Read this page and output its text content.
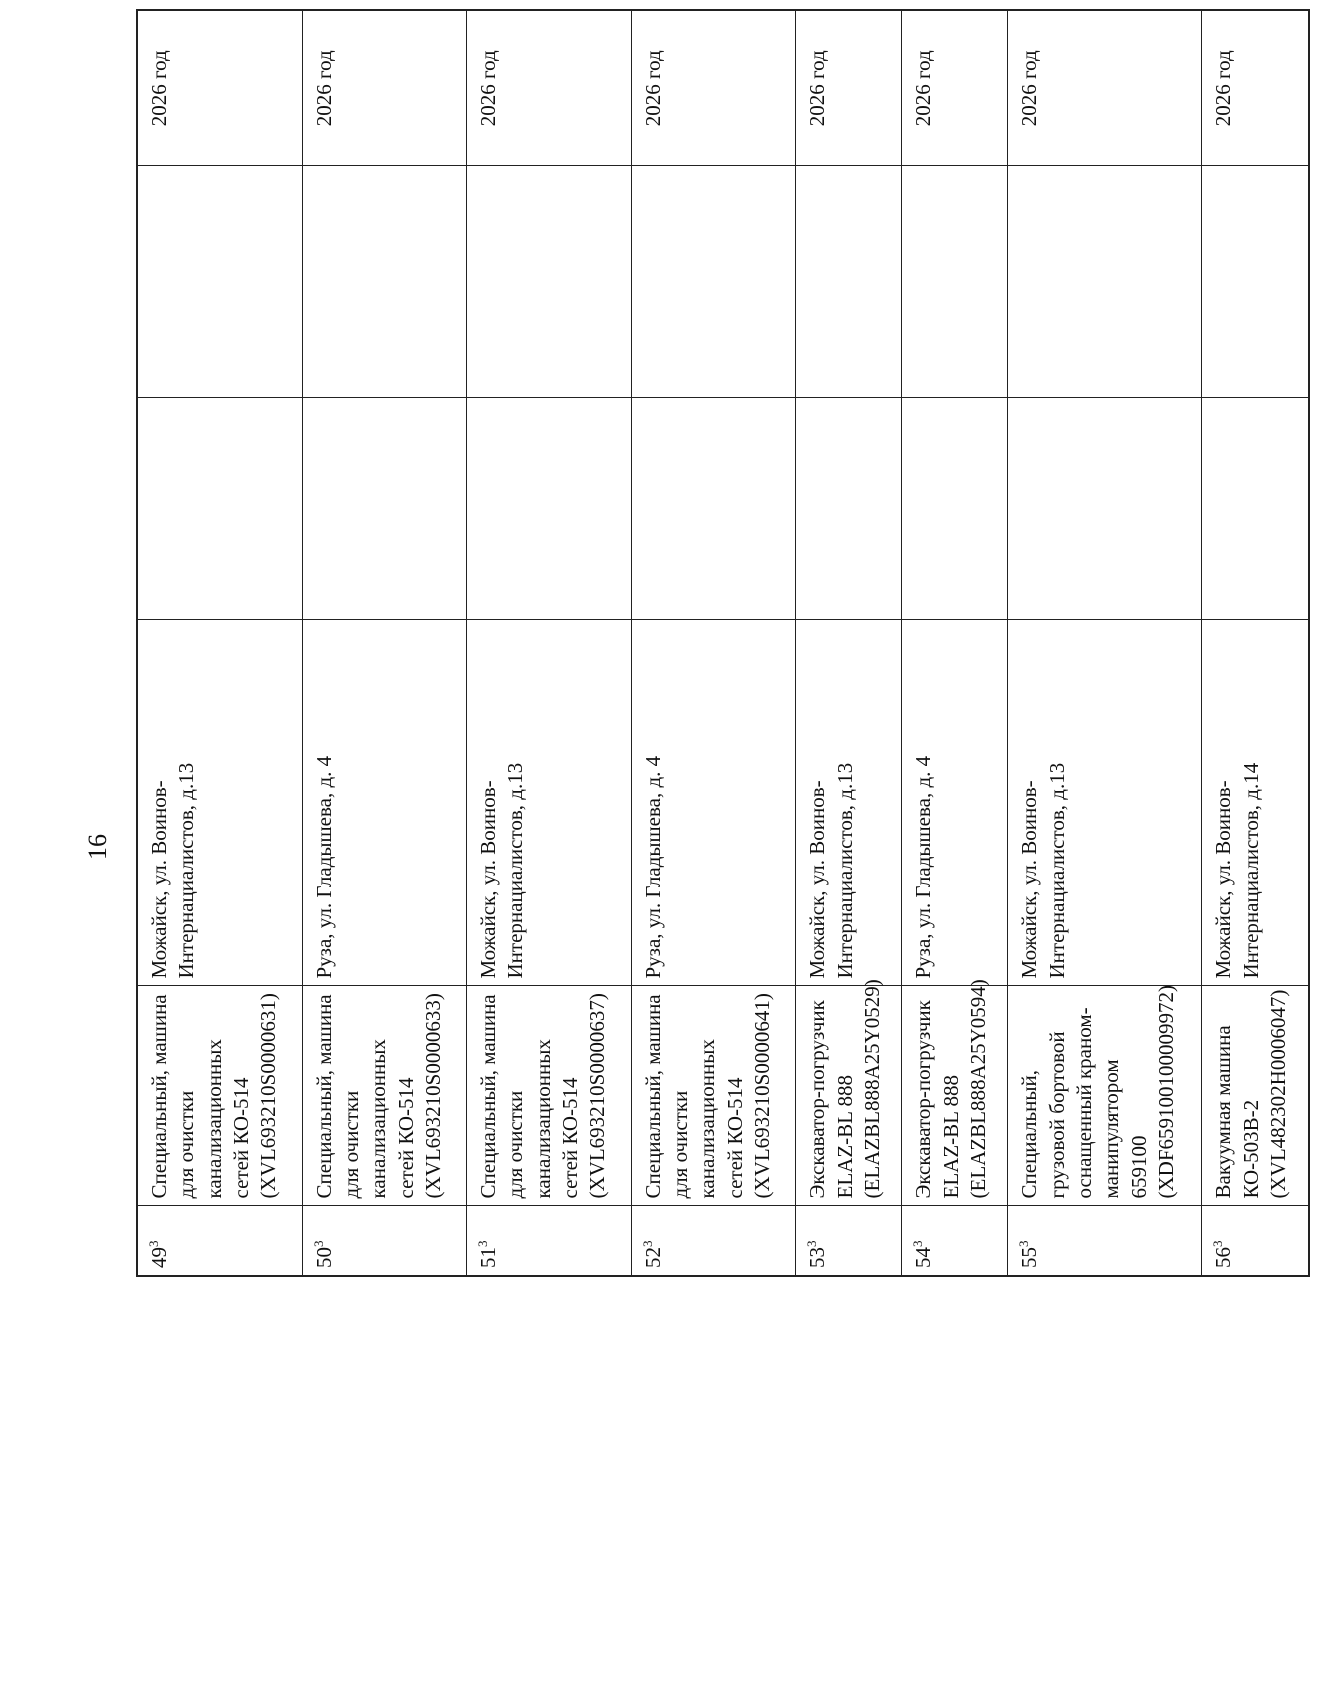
16
$49^3$	Специальный, машина для очистки канализационных сетей КО-514 (XVL693210S0000631)	Можайск, ул. Воинов-Интернациалистов, д.13			2026 год
$50^3$	Специальный, машина для очистки канализационных сетей КО-514 (XVL693210S0000633)	Руза, ул. Гладышева, д. 4			2026 год
$51^3$	Специальный, машина для очистки канализационных сетей КО-514 (XVL693210S0000637)	Можайск, ул. Воинов-Интернациалистов, д.13			2026 год
$52^3$	Специальный, машина для очистки канализационных сетей КО-514 (XVL693210S0000641)	Руза, ул. Гладышева, д. 4			2026 год
$53^3$	Экскаватор-погрузчик ELAZ-BL 888 (ELAZBL888A25Y0529)	Можайск, ул. Воинов-Интернациалистов, д.13			2026 год
$54^3$	Экскаватор-погрузчик ELAZ-BL 888 (ELAZBL888A25Y0594)	Руза, ул. Гладышева, д. 4			2026 год
$55^3$	Специальный, грузовой бортовой оснащенный краном-манипулятором 659100 (XDF659100100009972)	Можайск, ул. Воинов-Интернациалистов, д.13			2026 год
$56^3$	Вакуумная машина КО-503В-2 (XVL482302H0006047)	Можайск, ул. Воинов-Интернациалистов, д.14			2026 год
